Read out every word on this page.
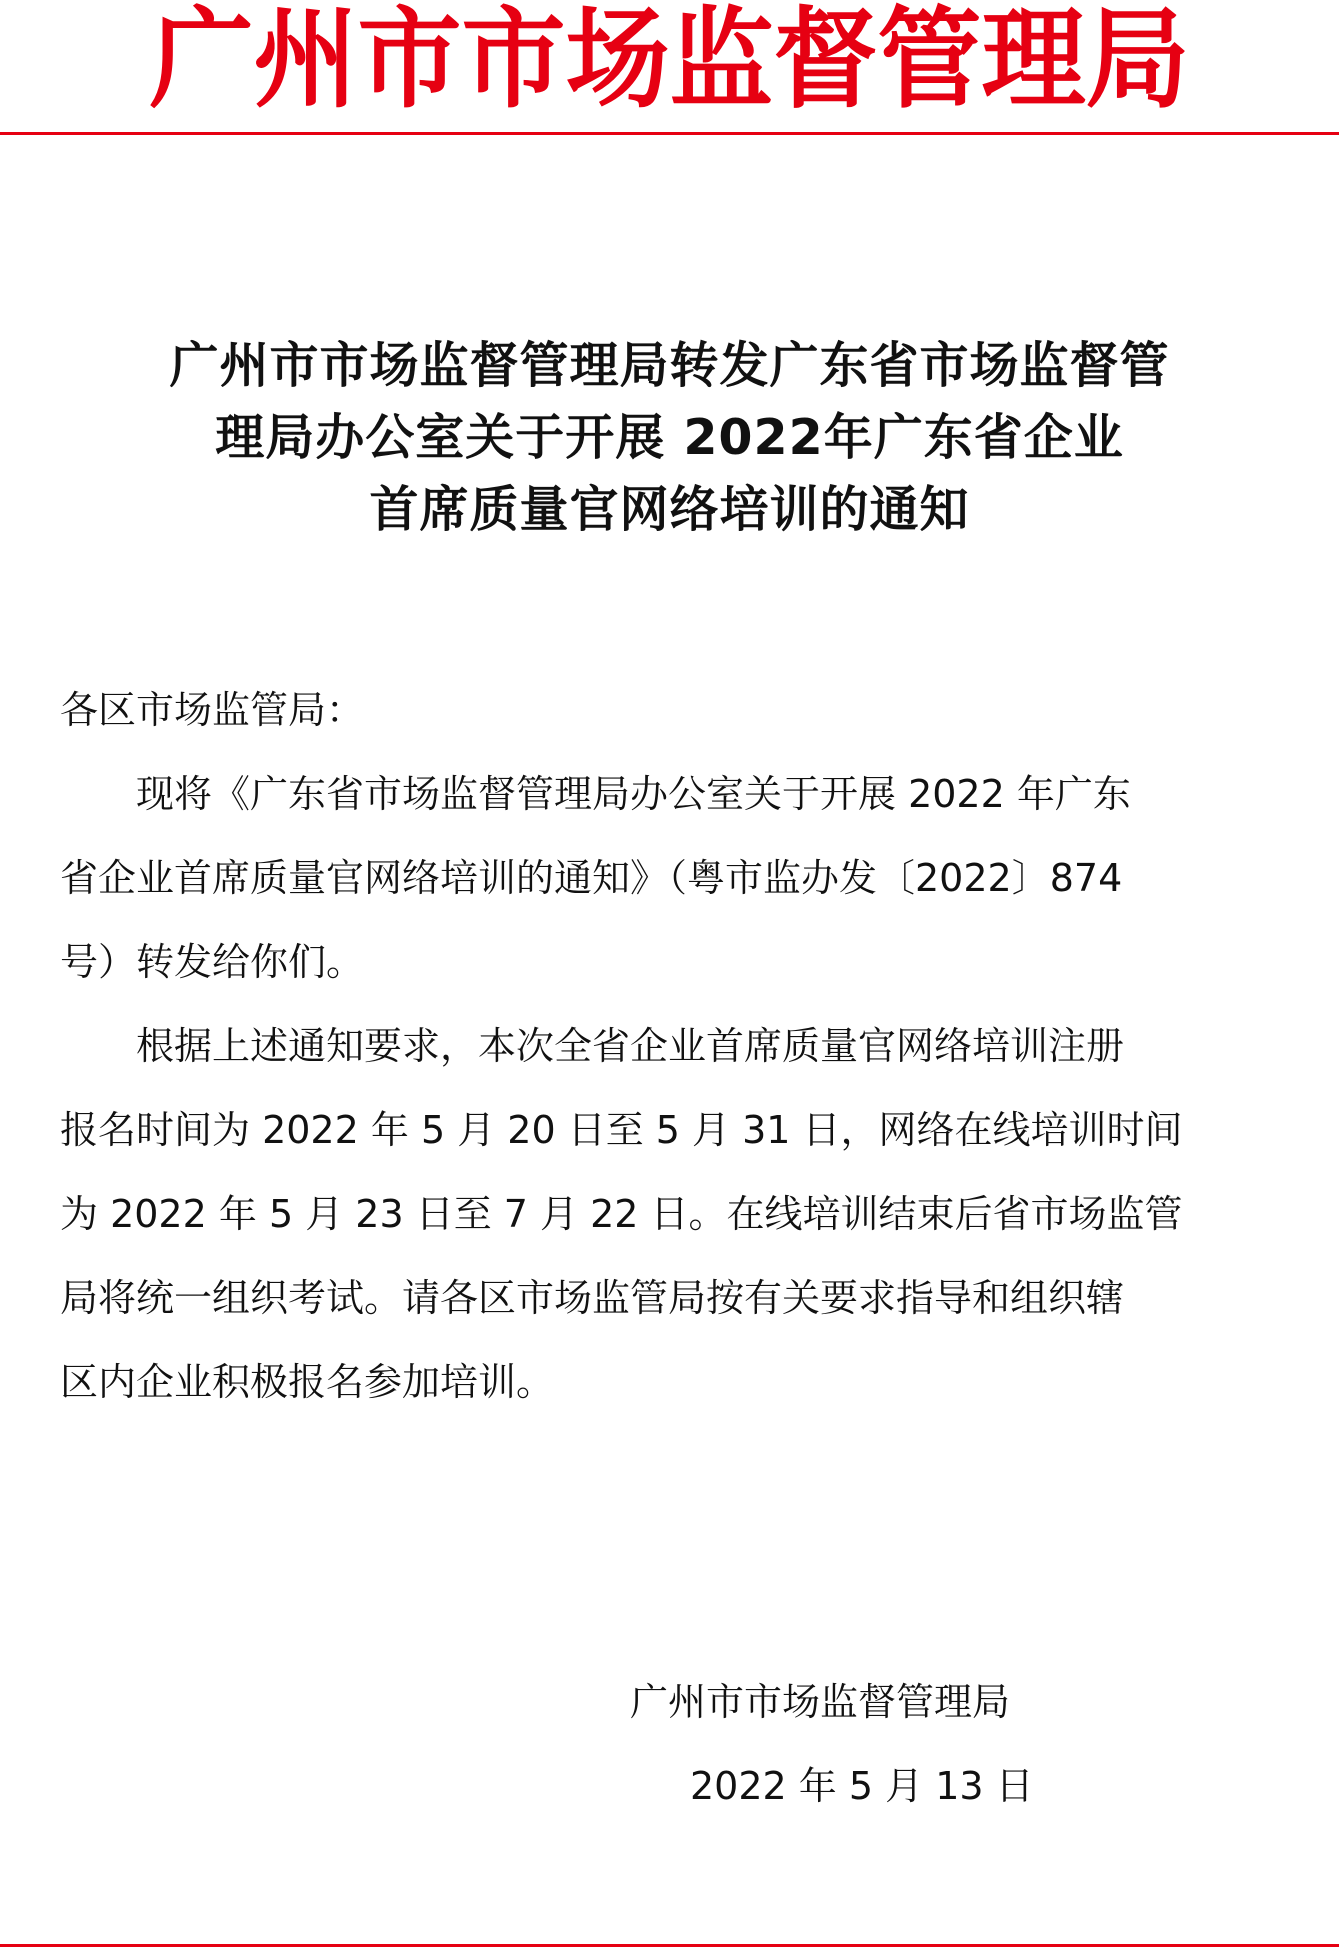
广州市市场监督管理局
广州市市场监督管理局转发广东省市场监督管
理局办公室关于开展 2022年广东省企业
首席质量官网络培训的通知

各区市场监管局：

现将《广东省市场监督管理局办公室关于开展 2022 年广东
省企业首席质量官网络培训的通知》（粤市监办发〔2022〕874
号）转发给你们。
根据上述通知要求，本次全省企业首席质量官网络培训注册
报名时间为 2022 年 5 月 20 日至 5 月 31 日，网络在线培训时间
为 2022 年 5 月 23 日至 7 月 22 日。在线培训结束后省市场监管
局将统一组织考试。请各区市场监管局按有关要求指导和组织辖
区内企业积极报名参加培训。
广州市市场监督管理局
2022 年 5 月 13 日
